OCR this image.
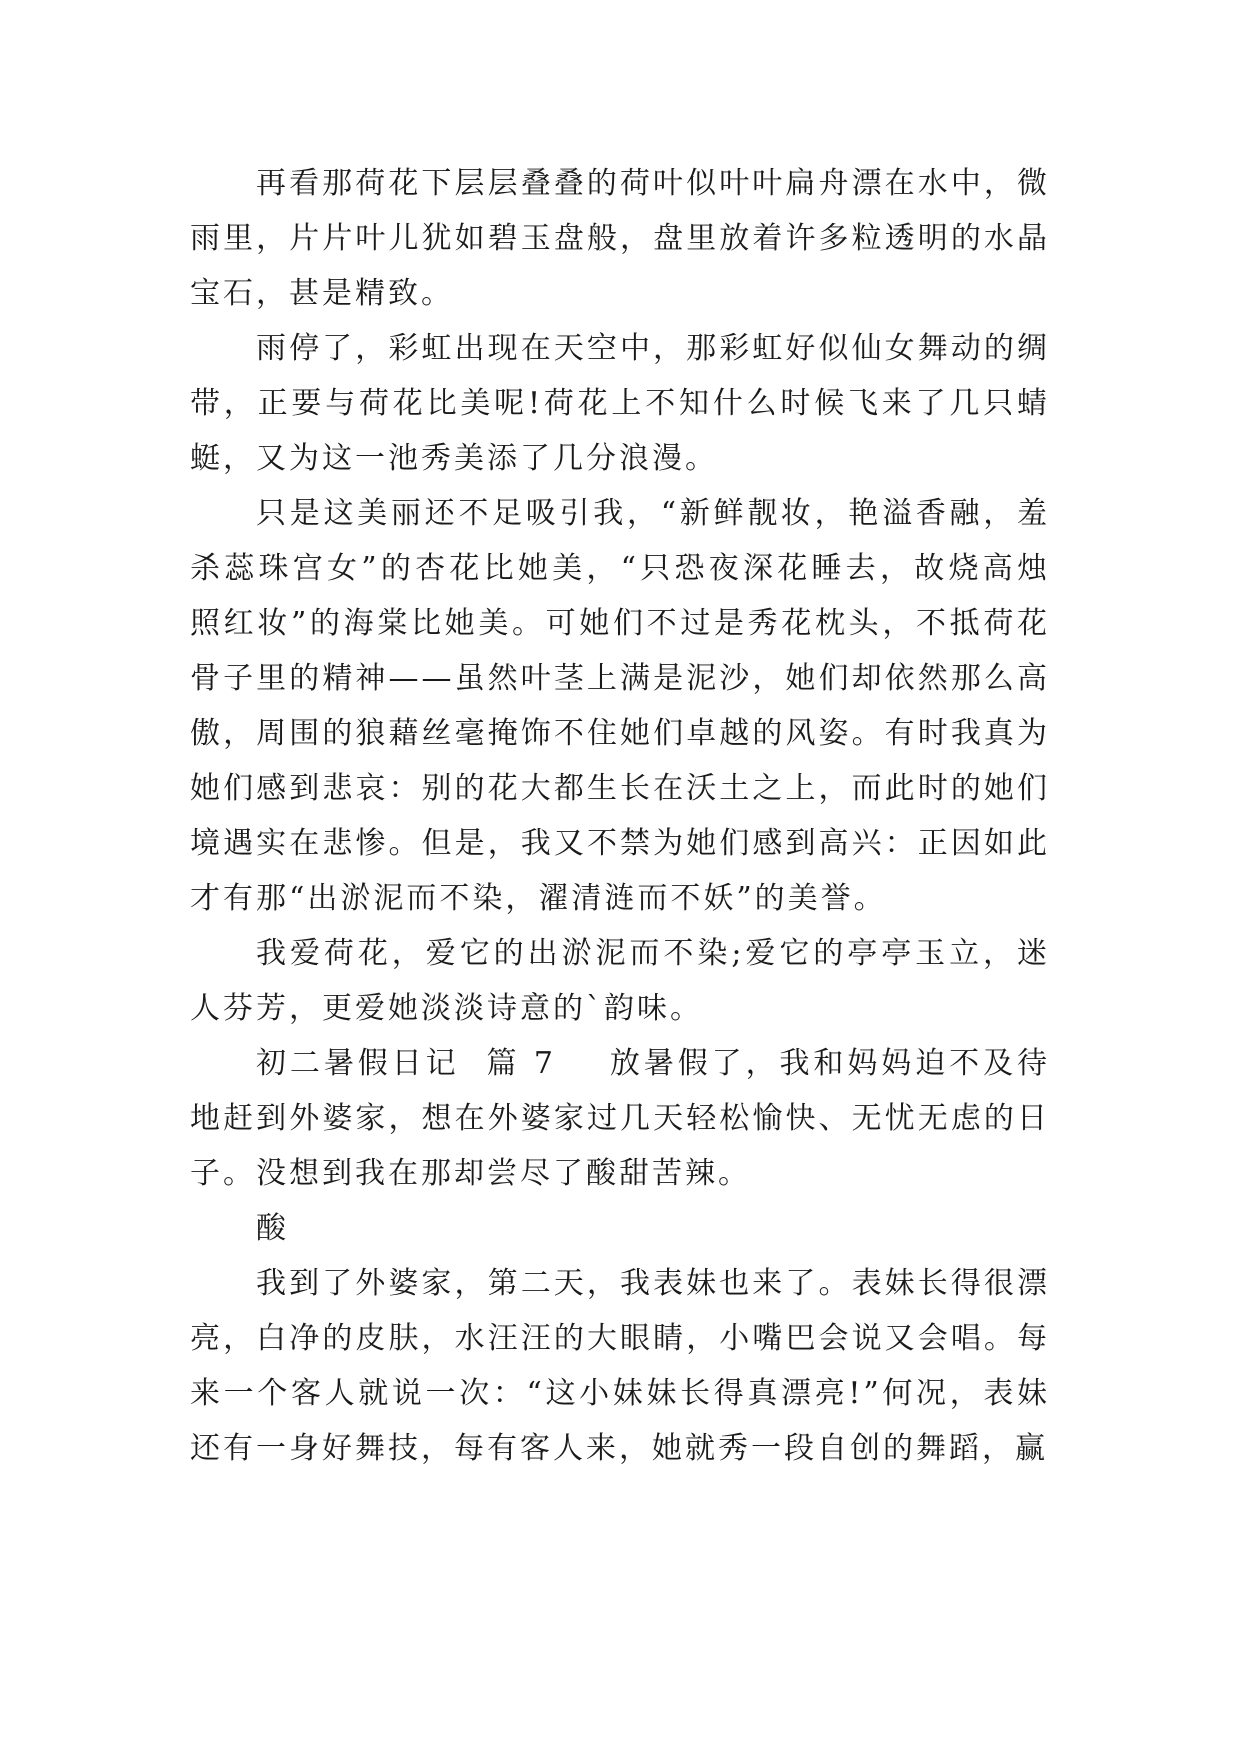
再看那荷花下层层叠叠的荷叶似叶叶扁舟漂在水中，微雨里，片片叶儿犹如碧玉盘般，盘里放着许多粒透明的水晶宝石，甚是精致。

雨停了，彩虹出现在天空中，那彩虹好似仙女舞动的绸带，正要与荷花比美呢!荷花上不知什么时候飞来了几只蜻蜓，又为这一池秀美添了几分浪漫。

只是这美丽还不足吸引我，“新鲜靓妆，艳溢香融，羞杀蕊珠宫女”的杏花比她美，“只恐夜深花睡去，故烧高烛照红妆”的海棠比她美。可她们不过是秀花枕头，不抵荷花骨子里的精神——虽然叶茎上满是泥沙，她们却依然那么高傲，周围的狼藉丝毫掩饰不住她们卓越的风姿。有时我真为她们感到悲哀：别的花大都生长在沃土之上，而此时的她们境遇实在悲惨。但是，我又不禁为她们感到高兴：正因如此才有那“出淤泥而不染，濯清涟而不妖”的美誉。

我爱荷花，爱它的出淤泥而不染;爱它的亭亭玉立，迷人芬芳，更爱她淡淡诗意的`韵味。

初二暑假日记  篇 7    放暑假了，我和妈妈迫不及待地赶到外婆家，想在外婆家过几天轻松愉快、无忧无虑的日子。没想到我在那却尝尽了酸甜苦辣。

酸

我到了外婆家，第二天，我表妹也来了。表妹长得很漂亮，白净的皮肤，水汪汪的大眼睛，小嘴巴会说又会唱。每来一个客人就说一次：“这小妹妹长得真漂亮!”何况，表妹还有一身好舞技，每有客人来，她就秀一段自创的舞蹈，赢
